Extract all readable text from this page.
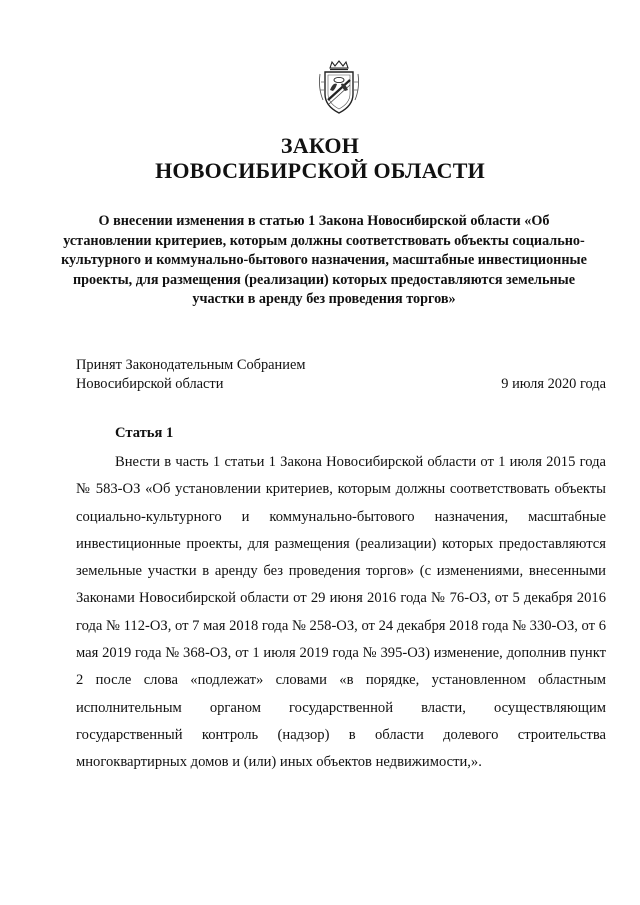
ЗАКОН
НОВОСИБИРСКОЙ ОБЛАСТИ
О внесении изменения в статью 1 Закона Новосибирской области «Об установлении критериев, которым должны соответствовать объекты социально-культурного и коммунально-бытового назначения, масштабные инвестиционные проекты, для размещения (реализации) которых предоставляются земельные участки в аренду без проведения торгов»
Принят Законодательным Собранием
Новосибирской области	9 июля 2020 года
Статья 1

Внести в часть 1 статьи 1 Закона Новосибирской области от 1 июля 2015 года № 583-ОЗ «Об установлении критериев, которым должны соответствовать объекты социально-культурного и коммунально-бытового назначения, масштабные инвестиционные проекты, для размещения (реализации) которых предоставляются земельные участки в аренду без проведения торгов» (с изменениями, внесенными Законами Новосибирской области от 29 июня 2016 года № 76-ОЗ, от 5 декабря 2016 года № 112-ОЗ, от 7 мая 2018 года № 258-ОЗ, от 24 декабря 2018 года № 330-ОЗ, от 6 мая 2019 года № 368-ОЗ, от 1 июля 2019 года № 395-ОЗ) изменение, дополнив пункт 2 после слова «подлежат» словами «в порядке, установленном областным исполнительным органом государственной власти, осуществляющим государственный контроль (надзор) в области долевого строительства многоквартирных домов и (или) иных объектов недвижимости,».
